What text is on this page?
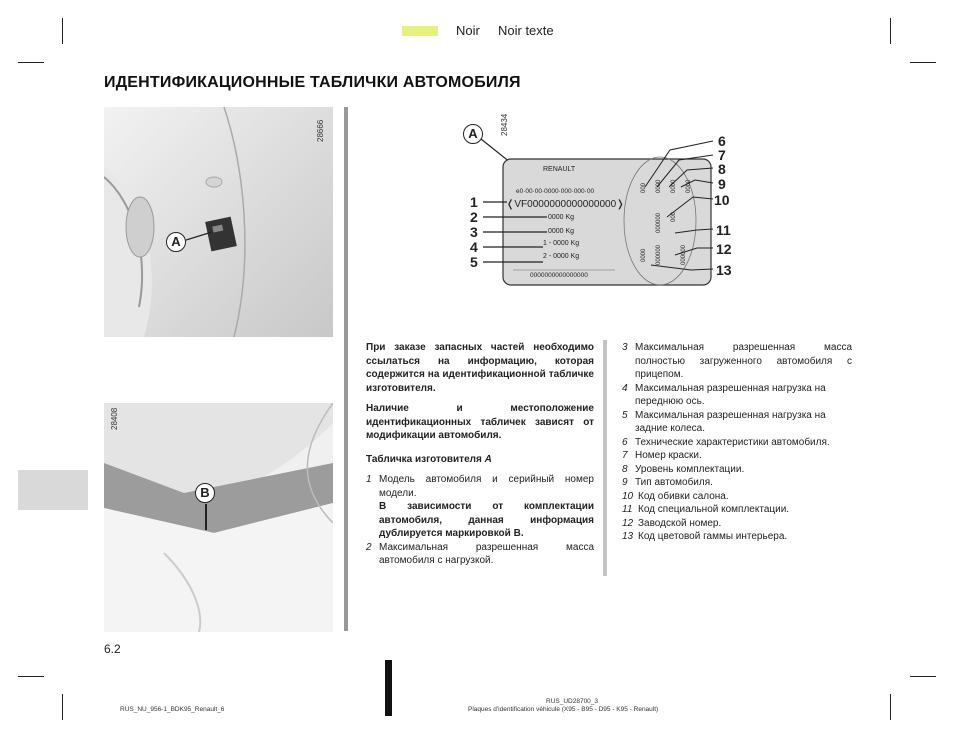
Noir Noir texte
ИДЕНТИФИКАЦИОННЫЕ ТАБЛИЧКИ АВТОМОБИЛЯ
28666
A
28408
B
28434
A
RENAULT
e0·00·00·0000·000·000·00
❬VF0000000000000000❭
0000 Kg
0000 Kg
1 - 0000 Kg
2 - 0000 Kg
0000000000000000
000 0000 0000 0000
000000 000
0000 000000	000000
1
2
3
4
5
6
7
8
9
10
11
12
13

При заказе запасных частей необходимо ссылаться на информацию, которая содержится на идентификационной табличке изготовителя.

Наличие и местоположение идентификационных табличек зависят от модификации автомобиля.

Табличка изготовителя A

1 Модель автомобиля и серийный номер модели.
В зависимости от комплектации автомобиля, данная информация дублируется маркировкой B.
2 Максимальная разрешенная масса автомобиля с нагрузкой.
3 Максимальная разрешенная масса полностью загруженного автомобиля с прицепом.
4 Максимальная разрешенная нагрузка на переднюю ось.
5 Максимальная разрешенная нагрузка на задние колеса.
6 Технические характеристики автомобиля.
7 Номер краски.
8 Уровень комплектации.
9 Тип автомобиля.
10 Код обивки салона.
11 Код специальной комплектации.
12 Заводской номер.
13 Код цветовой гаммы интерьера.
6.2
RUS_NU_956-1_BDK95_Renault_6
RUS_UD28700_3
Plaques d'identification véhicule (X95 - B95 - D95 - K95 - Renault)
